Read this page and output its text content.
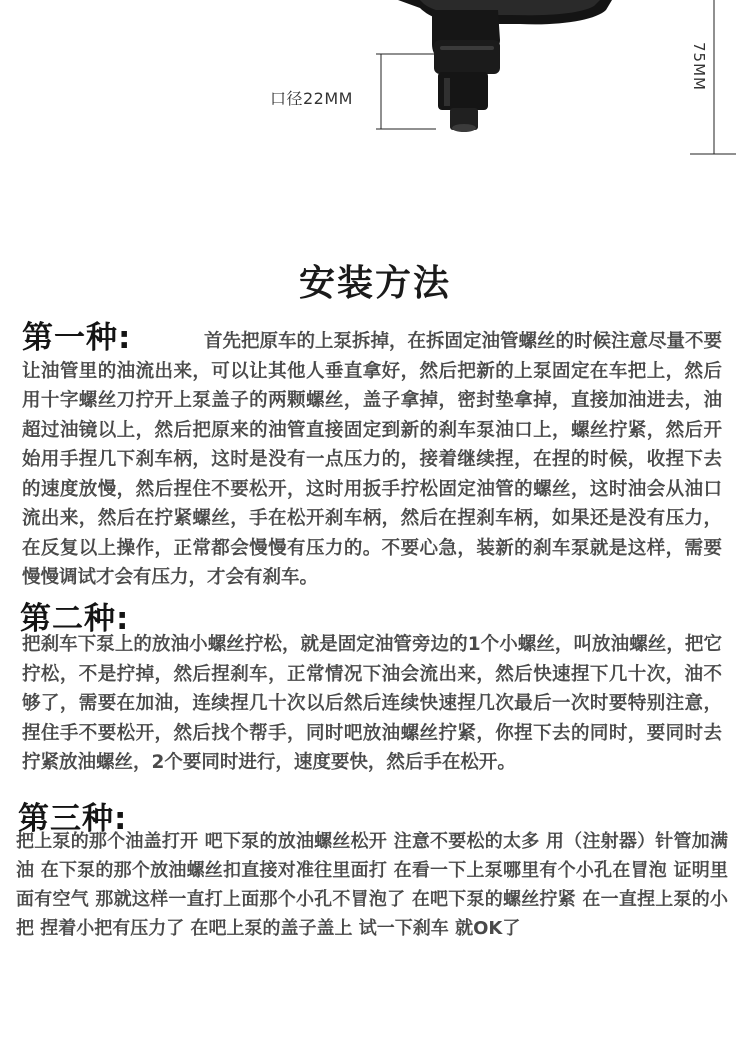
口径22MM
75MM
安装方法
第一种:	首先把原车的上泵拆掉，在拆固定油管螺丝的时候注意尽量不要让油管里的油流出来，可以让其他人垂直拿好，然后把新的上泵固定在车把上，然后用十字螺丝刀拧开上泵盖子的两颗螺丝，盖子拿掉，密封垫拿掉，直接加油进去，油超过油镜以上，然后把原来的油管直接固定到新的刹车泵油口上，螺丝拧紧，然后开始用手捏几下刹车柄，这时是没有一点压力的，接着继续捏，在捏的时候，收捏下去的速度放慢，然后捏住不要松开，这时用扳手拧松固定油管的螺丝，这时油会从油口流出来，然后在拧紧螺丝，手在松开刹车柄，然后在捏刹车柄，如果还是没有压力，在反复以上操作，正常都会慢慢有压力的。不要心急，装新的刹车泵就是这样，需要慢慢调试才会有压力，才会有刹车。
第二种:
把刹车下泵上的放油小螺丝拧松，就是固定油管旁边的1个小螺丝，叫放油螺丝，把它拧松，不是拧掉，然后捏刹车，正常情况下油会流出来，然后快速捏下几十次，油不够了，需要在加油，连续捏几十次以后然后连续快速捏几次最后一次时要特别注意，捏住手不要松开，然后找个帮手，同时吧放油螺丝拧紧，你捏下去的同时，要同时去拧紧放油螺丝，2个要同时进行，速度要快，然后手在松开。
第三种:
把上泵的那个油盖打开 吧下泵的放油螺丝松开 注意不要松的太多 用（注射器）针管加满油 在下泵的那个放油螺丝扣直接对准往里面打 在看一下上泵哪里有个小孔在冒泡 证明里面有空气 那就这样一直打上面那个小孔不冒泡了 在吧下泵的螺丝拧紧 在一直捏上泵的小把 捏着小把有压力了 在吧上泵的盖子盖上 试一下刹车 就OK了
